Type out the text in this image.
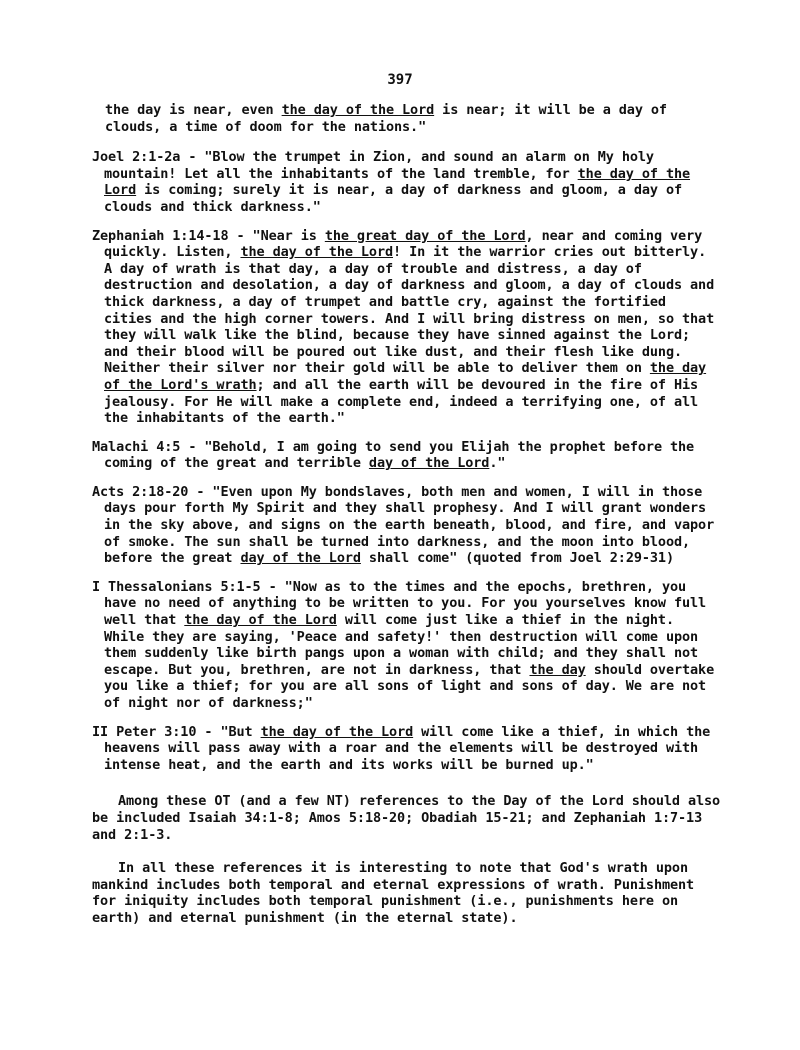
397

the day is near, even the day of the Lord is near; it will be a day of clouds, a time of doom for the nations."

Joel 2:1-2a - "Blow the trumpet in Zion, and sound an alarm on My holy mountain! Let all the inhabitants of the land tremble, for the day of the Lord is coming; surely it is near, a day of darkness and gloom, a day of clouds and thick darkness."

Zephaniah 1:14-18 - "Near is the great day of the Lord, near and coming very quickly. Listen, the day of the Lord! In it the warrior cries out bitterly. A day of wrath is that day, a day of trouble and distress, a day of destruction and desolation, a day of darkness and gloom, a day of clouds and thick darkness, a day of trumpet and battle cry, against the fortified cities and the high corner towers. And I will bring distress on men, so that they will walk like the blind, because they have sinned against the Lord; and their blood will be poured out like dust, and their flesh like dung. Neither their silver nor their gold will be able to deliver them on the day of the Lord's wrath; and all the earth will be devoured in the fire of His jealousy. For He will make a complete end, indeed a terrifying one, of all the inhabitants of the earth."

Malachi 4:5 - "Behold, I am going to send you Elijah the prophet before the coming of the great and terrible day of the Lord."

Acts 2:18-20 - "Even upon My bondslaves, both men and women, I will in those days pour forth My Spirit and they shall prophesy. And I will grant wonders in the sky above, and signs on the earth beneath, blood, and fire, and vapor of smoke. The sun shall be turned into darkness, and the moon into blood, before the great day of the Lord shall come" (quoted from Joel 2:29-31)

I Thessalonians 5:1-5 - "Now as to the times and the epochs, brethren, you have no need of anything to be written to you. For you yourselves know full well that the day of the Lord will come just like a thief in the night. While they are saying, 'Peace and safety!' then destruction will come upon them suddenly like birth pangs upon a woman with child; and they shall not escape. But you, brethren, are not in darkness, that the day should overtake you like a thief; for you are all sons of light and sons of day. We are not of night nor of darkness;"

II Peter 3:10 - "But the day of the Lord will come like a thief, in which the heavens will pass away with a roar and the elements will be destroyed with intense heat, and the earth and its works will be burned up."

Among these OT (and a few NT) references to the Day of the Lord should also be included Isaiah 34:1-8; Amos 5:18-20; Obadiah 15-21; and Zephaniah 1:7-13 and 2:1-3.

In all these references it is interesting to note that God's wrath upon mankind includes both temporal and eternal expressions of wrath. Punishment for iniquity includes both temporal punishment (i.e., punishments here on earth) and eternal punishment (in the eternal state).
